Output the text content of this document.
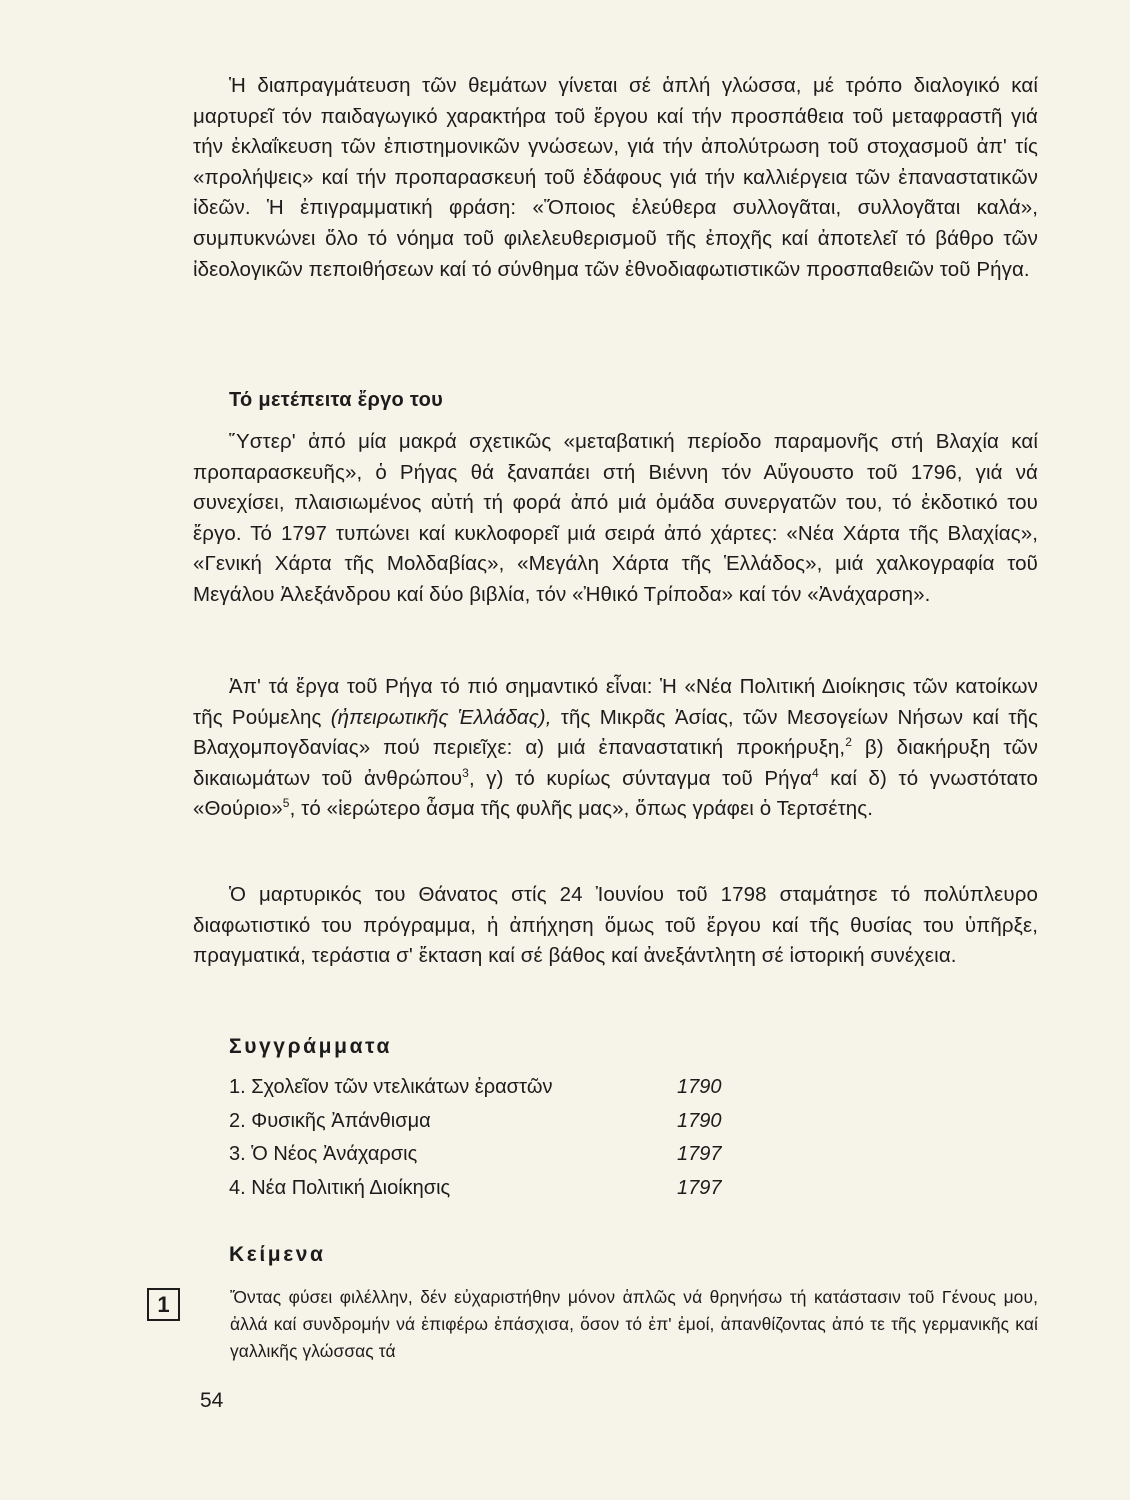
Ἡ διαπραγμάτευση τῶν θεμάτων γίνεται σέ ἁπλή γλώσσα, μέ τρόπο διαλογικό καί μαρτυρεῖ τόν παιδαγωγικό χαρακτήρα τοῦ ἔργου καί τήν προσπάθεια τοῦ μεταφραστῆ γιά τήν ἐκλαΐκευση τῶν ἐπιστημονικῶν γνώσεων, γιά τήν ἀπολύτρωση τοῦ στοχασμοῦ ἀπ' τίς «προλήψεις» καί τήν προπαρασκευή τοῦ ἐδάφους γιά τήν καλλιέργεια τῶν ἐπαναστατικῶν ἰδεῶν. Ἡ ἐπιγραμματική φράση: «Ὅποιος ἐλεύθερα συλλογᾶται, συλλογᾶται καλά», συμπυκνώνει ὅλο τό νόημα τοῦ φιλελευθερισμοῦ τῆς ἐποχῆς καί ἀποτελεῖ τό βάθρο τῶν ἰδεολογικῶν πεποιθήσεων καί τό σύνθημα τῶν ἐθνοδιαφωτιστικῶν προσπαθειῶν τοῦ Ρήγα.

Τό μετέπειτα ἔργο του

Ὕστερ' ἀπό μία μακρά σχετικῶς «μεταβατική περίοδο παραμονῆς στή Βλαχία καί προπαρασκευῆς», ὁ Ρήγας θά ξαναπάει στή Βιέννη τόν Αὔγουστο τοῦ 1796, γιά νά συνεχίσει, πλαισιωμένος αὐτή τή φορά ἀπό μιά ὁμάδα συνεργατῶν του, τό ἐκδοτικό του ἔργο. Τό 1797 τυπώνει καί κυκλοφορεῖ μιά σειρά ἀπό χάρτες: «Νέα Χάρτα τῆς Βλαχίας», «Γενική Χάρτα τῆς Μολδαβίας», «Μεγάλη Χάρτα τῆς Ἑλλάδος», μιά χαλκογραφία τοῦ Μεγάλου Ἀλεξάνδρου καί δύο βιβλία, τόν «Ἠθικό Τρίποδα» καί τόν «Ἀνάχαρση».

Ἀπ' τά ἔργα τοῦ Ρήγα τό πιό σημαντικό εἶναι: Ἡ «Νέα Πολιτική Διοίκησις τῶν κατοίκων τῆς Ρούμελης (ἠπειρωτικῆς Ἑλλάδας), τῆς Μικρᾶς Ἀσίας, τῶν Μεσογείων Νήσων καί τῆς Βλαχομπογδανίας» πού περιεῖχε: α) μιά ἐπαναστατική προκήρυξη,$^2$ β) διακήρυξη τῶν δικαιωμάτων τοῦ ἀνθρώπου$^3$, γ) τό κυρίως σύνταγμα τοῦ Ρήγα$^4$ καί δ) τό γνωστότατο «Θούριο»$^5$, τό «ἱερώτερο ἆσμα τῆς φυλῆς μας», ὅπως γράφει ὁ Τερτσέτης.

Ὁ μαρτυρικός του Θάνατος στίς 24 Ἰουνίου τοῦ 1798 σταμάτησε τό πολύπλευρο διαφωτιστικό του πρόγραμμα, ἡ ἀπήχηση ὅμως τοῦ ἔργου καί τῆς θυσίας του ὑπῆρξε, πραγματικά, τεράστια σ' ἔκταση καί σέ βάθος καί ἀνεξάντλητη σέ ἱστορική συνέχεια.

Συγγράμματα
1. Σχολεῖον τῶν ντελικάτων ἐραστῶν	1790
2. Φυσικῆς Ἀπάνθισμα	1790
3. Ὁ Νέος Ἀνάχαρσις	1797
4. Νέα Πολιτική Διοίκησις	1797
Κείμενα
1	Ὄντας φύσει φιλέλλην, δέν εὐχαριστήθην μόνον ἁπλῶς νά θρηνήσω τή κατάστασιν τοῦ Γένους μου, ἀλλά καί συνδρομήν νά ἐπιφέρω ἐπάσχισα, ὅσον τό ἐπ' ἐμοί, ἀπανθίζοντας ἀπό τε τῆς γερμανικῆς καί γαλλικῆς γλώσσας τά

54
